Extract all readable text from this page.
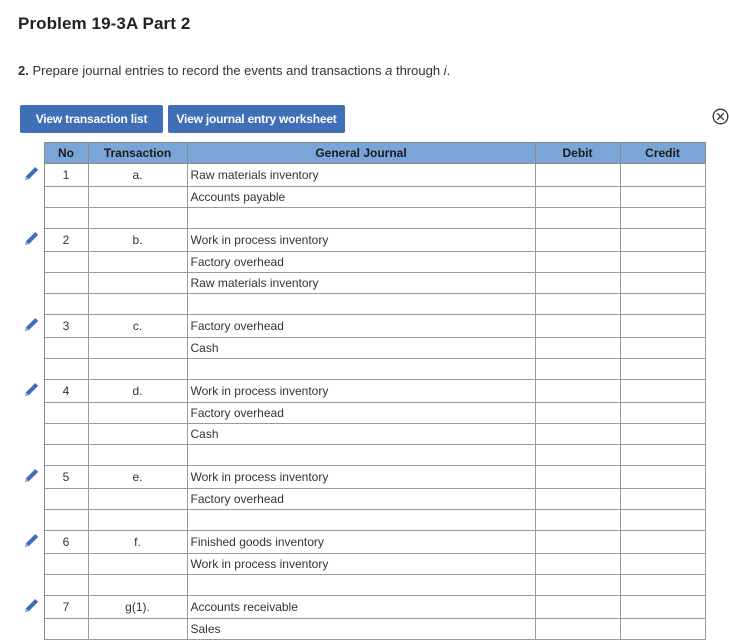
Problem 19-3A Part 2
2. Prepare journal entries to record the events and transactions a through i.
View transaction list	View journal entry worksheet
	No	Transaction	General Journal	Debit	Credit
	1	a.	Raw materials inventory		
			Accounts payable		

	2	b.	Work in process inventory		
			Factory overhead		
			Raw materials inventory		

	3	c.	Factory overhead		
			Cash		

	4	d.	Work in process inventory		
			Factory overhead		
			Cash		

	5	e.	Work in process inventory		
			Factory overhead		

	6	f.	Finished goods inventory		
			Work in process inventory		

	7	g(1).	Accounts receivable		
			Sales		
